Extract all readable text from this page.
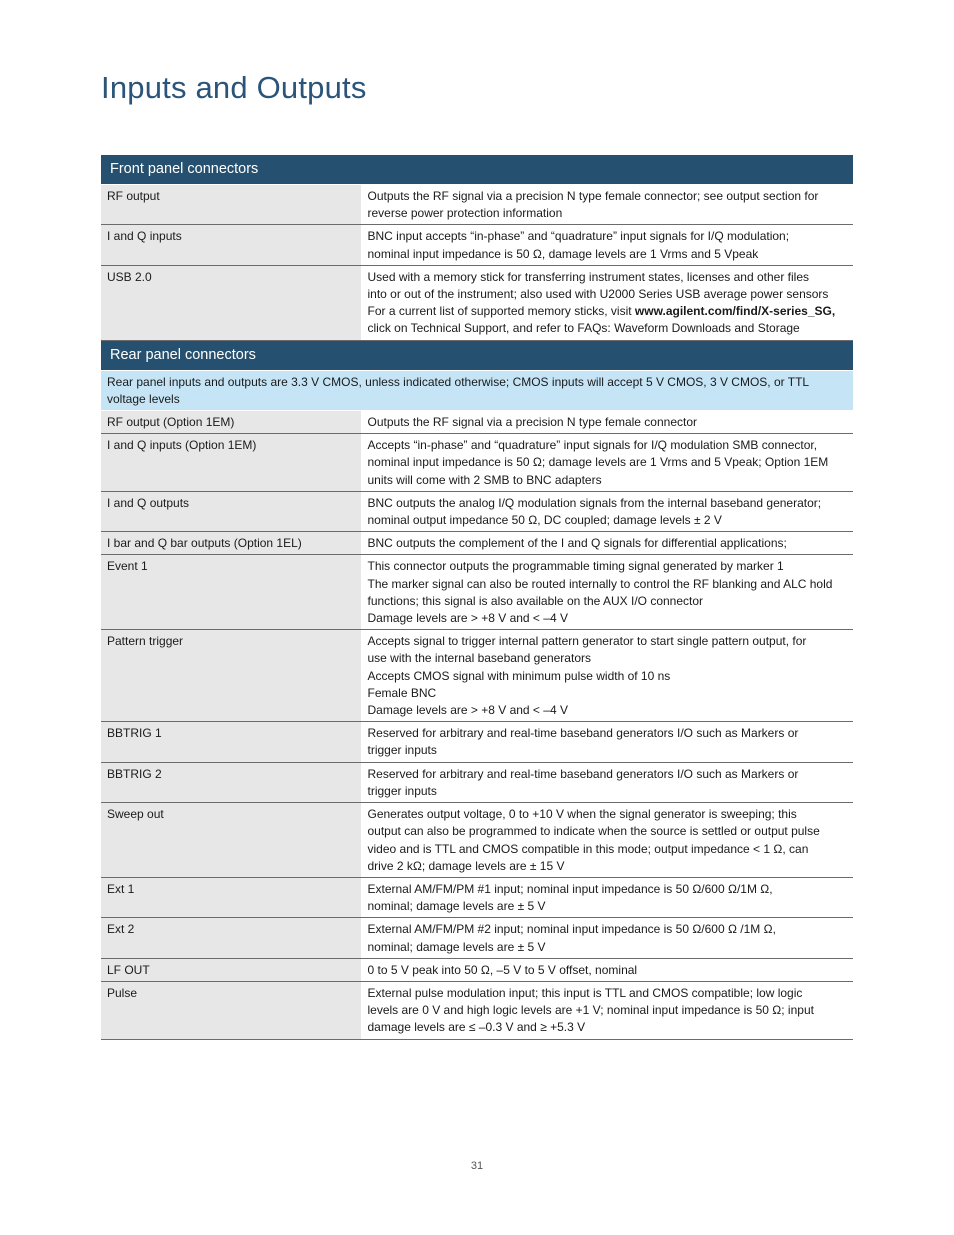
Inputs and Outputs
Front panel connectors	
RF output	Outputs the RF signal via a precision N type female connector; see output section for
reverse power protection information

I and Q inputs	BNC input accepts “in-phase” and “quadrature” input signals for I/Q modulation;
nominal input impedance is 50 Ω, damage levels are 1 Vrms and 5 Vpeak

USB 2.0	Used with a memory stick for transferring instrument states, licenses and other files
into or out of the instrument; also used with U2000 Series USB average power sensors
For a current list of supported memory sticks, visit www.agilent.com/find/X-series_SG,
click on Technical Support, and refer to FAQs: Waveform Downloads and Storage

Rear panel connectors	

Rear panel inputs and outputs are 3.3 V CMOS, unless indicated otherwise; CMOS inputs will accept 5 V CMOS, 3 V CMOS, or TTL
voltage levels	

RF output (Option 1EM)	Outputs the RF signal via a precision N type female connector

I and Q inputs (Option 1EM)	Accepts “in-phase” and “quadrature” input signals for I/Q modulation SMB connector,
nominal input impedance is 50 Ω; damage levels are 1 Vrms and 5 Vpeak; Option 1EM
units will come with 2 SMB to BNC adapters

I and Q outputs	BNC outputs the analog I/Q modulation signals from the internal baseband generator;
nominal output impedance 50 Ω, DC coupled; damage levels ± 2 V

I bar and Q bar outputs (Option 1EL)	BNC outputs the complement of the I and Q signals for differential applications;

Event 1	This connector outputs the programmable timing signal generated by marker 1
The marker signal can also be routed internally to control the RF blanking and ALC hold
functions; this signal is also available on the AUX I/O connector
Damage levels are > +8 V and < –4 V

Pattern trigger	Accepts signal to trigger internal pattern generator to start single pattern output, for
use with the internal baseband generators
Accepts CMOS signal with minimum pulse width of 10 ns
Female BNC
Damage levels are > +8 V and < –4 V

BBTRIG 1	Reserved for arbitrary and real-time baseband generators I/O such as Markers or
trigger inputs

BBTRIG 2	Reserved for arbitrary and real-time baseband generators I/O such as Markers or
trigger inputs

Sweep out	Generates output voltage, 0 to +10 V when the signal generator is sweeping; this
output can also be programmed to indicate when the source is settled or output pulse
video and is TTL and CMOS compatible in this mode; output impedance < 1 Ω, can
drive 2 kΩ; damage levels are ± 15 V

Ext 1	External AM/FM/PM #1 input; nominal input impedance is 50 Ω/600 Ω/1M Ω,
nominal; damage levels are ± 5 V

Ext 2	External AM/FM/PM #2 input; nominal input impedance is 50 Ω/600 Ω /1M Ω,
nominal; damage levels are ± 5 V

LF OUT	0 to 5 V peak into 50 Ω, –5 V to 5 V offset, nominal

Pulse	External pulse modulation input; this input is TTL and CMOS compatible; low logic
levels are 0 V and high logic levels are +1 V; nominal input impedance is 50 Ω; input
damage levels are ≤ –0.3 V and ≥ +5.3 V
31
